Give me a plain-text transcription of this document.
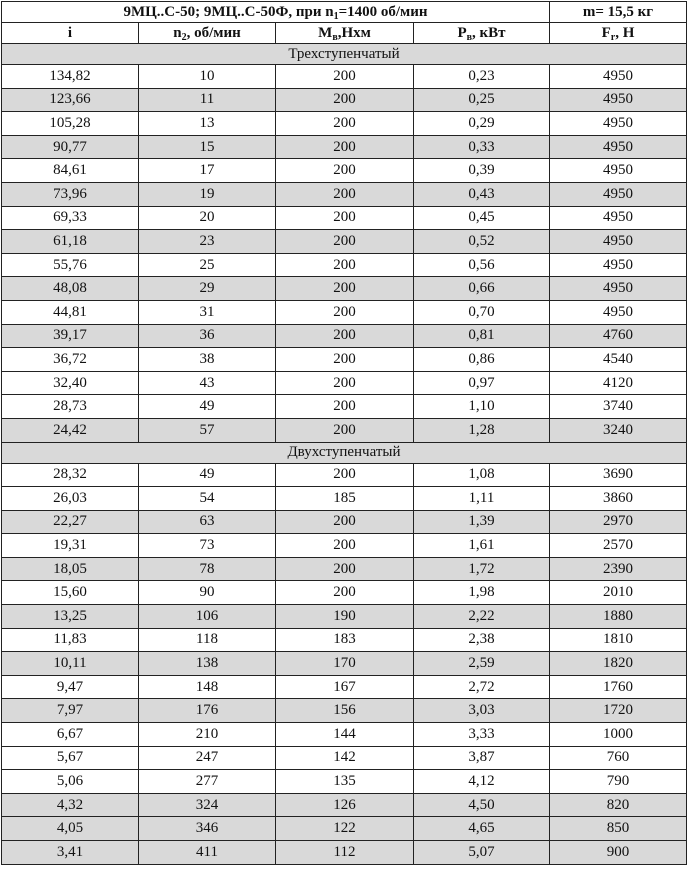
9МЦ..С-50; 9МЦ..С-50Ф, при $n_1=1400$ об/мин				m= 15,5 кг
i	$n_2$, об/мин	$M_в,Нхм$	$P_в$, кВт	$F_r$, Н
Трехступенчатый				
134,82	10	200	0,23	4950
123,66	11	200	0,25	4950
105,28	13	200	0,29	4950
90,77	15	200	0,33	4950
84,61	17	200	0,39	4950
73,96	19	200	0,43	4950
69,33	20	200	0,45	4950
61,18	23	200	0,52	4950
55,76	25	200	0,56	4950
48,08	29	200	0,66	4950
44,81	31	200	0,70	4950
39,17	36	200	0,81	4760
36,72	38	200	0,86	4540
32,40	43	200	0,97	4120
28,73	49	200	1,10	3740
24,42	57	200	1,28	3240
Двухступенчатый				
28,32	49	200	1,08	3690
26,03	54	185	1,11	3860
22,27	63	200	1,39	2970
19,31	73	200	1,61	2570
18,05	78	200	1,72	2390
15,60	90	200	1,98	2010
13,25	106	190	2,22	1880
11,83	118	183	2,38	1810
10,11	138	170	2,59	1820
9,47	148	167	2,72	1760
7,97	176	156	3,03	1720
6,67	210	144	3,33	1000
5,67	247	142	3,87	760
5,06	277	135	4,12	790
4,32	324	126	4,50	820
4,05	346	122	4,65	850
3,41	411	112	5,07	900
